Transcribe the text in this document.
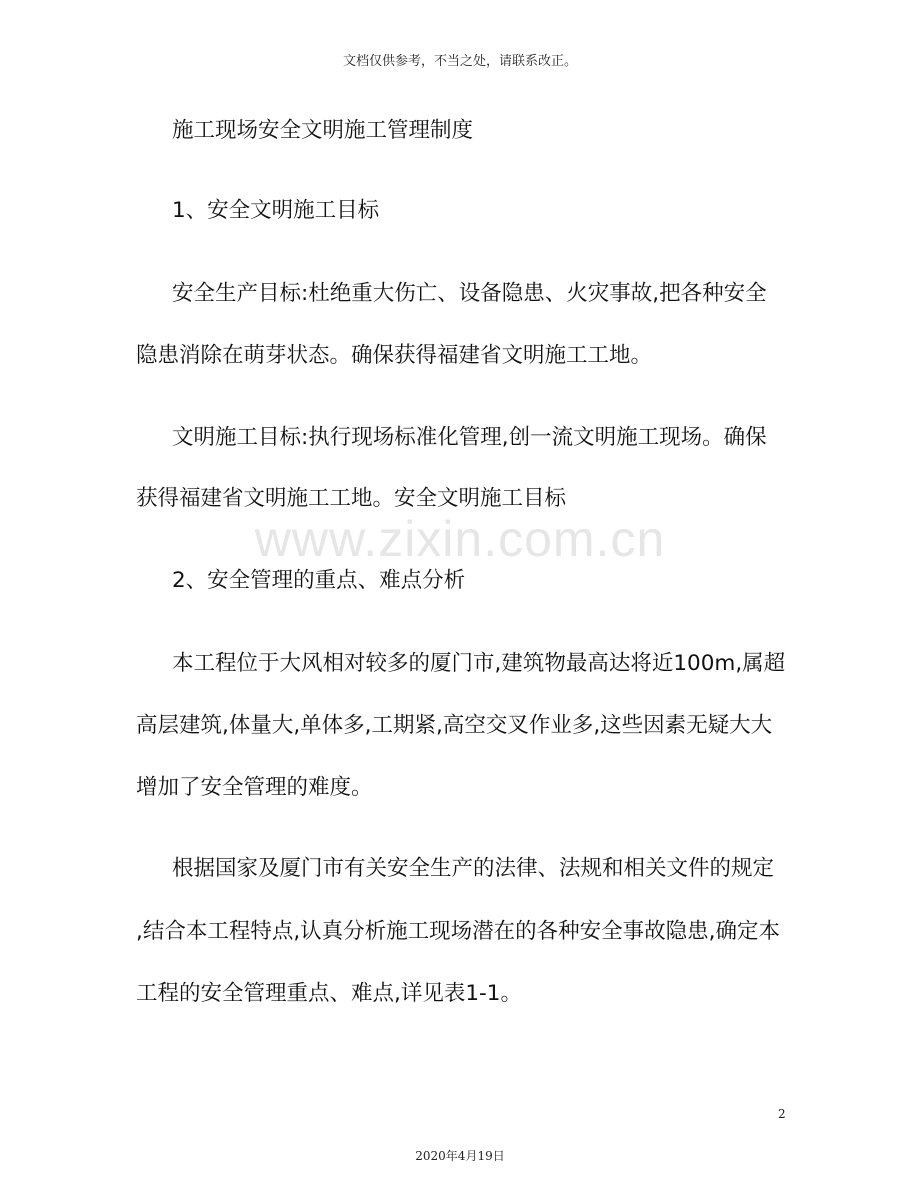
文档仅供参考，不当之处，请联系改正。
www.zixin.com.cn
施工现场安全文明施工管理制度
1、安全文明施工目标
安全生产目标:杜绝重大伤亡、设备隐患、火灾事故,把各种安全
隐患消除在萌芽状态。确保获得福建省文明施工工地。
文明施工目标:执行现场标准化管理,创一流文明施工现场。确保
获得福建省文明施工工地。安全文明施工目标
2、安全管理的重点、难点分析
本工程位于大风相对较多的厦门市,建筑物最高达将近100m,属超
高层建筑,体量大,单体多,工期紧,高空交叉作业多,这些因素无疑大大
增加了安全管理的难度。
根据国家及厦门市有关安全生产的法律、法规和相关文件的规定
,结合本工程特点,认真分析施工现场潜在的各种安全事故隐患,确定本
工程的安全管理重点、难点,详见表1-1。
2
2020年4月19日
